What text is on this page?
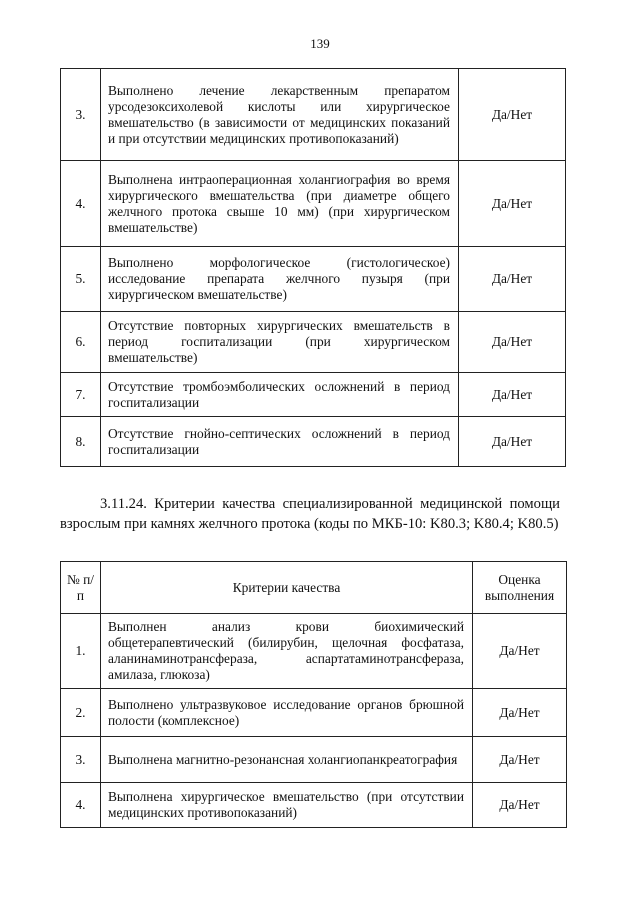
139
3.	Выполнено лечение лекарственным препаратом урсодезоксихолевой кислоты или хирургическое вмешательство (в зависимости от медицинских показаний и при отсутствии медицинских противопоказаний)	Да/Нет
4.	Выполнена интраоперационная холангиография во время хирургического вмешательства (при диаметре общего желчного протока свыше 10 мм) (при хирургическом вмешательстве)	Да/Нет
5.	Выполнено морфологическое (гистологическое) исследование препарата желчного пузыря (при хирургическом вмешательстве)	Да/Нет
6.	Отсутствие повторных хирургических вмешательств в период госпитализации (при хирургическом вмешательстве)	Да/Нет
7.	Отсутствие тромбоэмболических осложнений в период госпитализации	Да/Нет
8.	Отсутствие гнойно-септических осложнений в период госпитализации	Да/Нет

3.11.24. Критерии качества специализированной медицинской помощи взрослым при камнях желчного протока (коды по МКБ-10: K80.3; K80.4; K80.5)

№ п/п	Критерии качества	Оценка выполнения
1.	Выполнен анализ крови биохимический общетерапевтический (билирубин, щелочная фосфатаза, аланинаминотрансфераза, аспартатаминотрансфераза, амилаза, глюкоза)	Да/Нет
2.	Выполнено ультразвуковое исследование органов брюшной полости (комплексное)	Да/Нет
3.	Выполнена магнитно-резонансная холангиопанкреатография	Да/Нет
4.	Выполнена хирургическое вмешательство (при отсутствии медицинских противопоказаний)	Да/Нет
